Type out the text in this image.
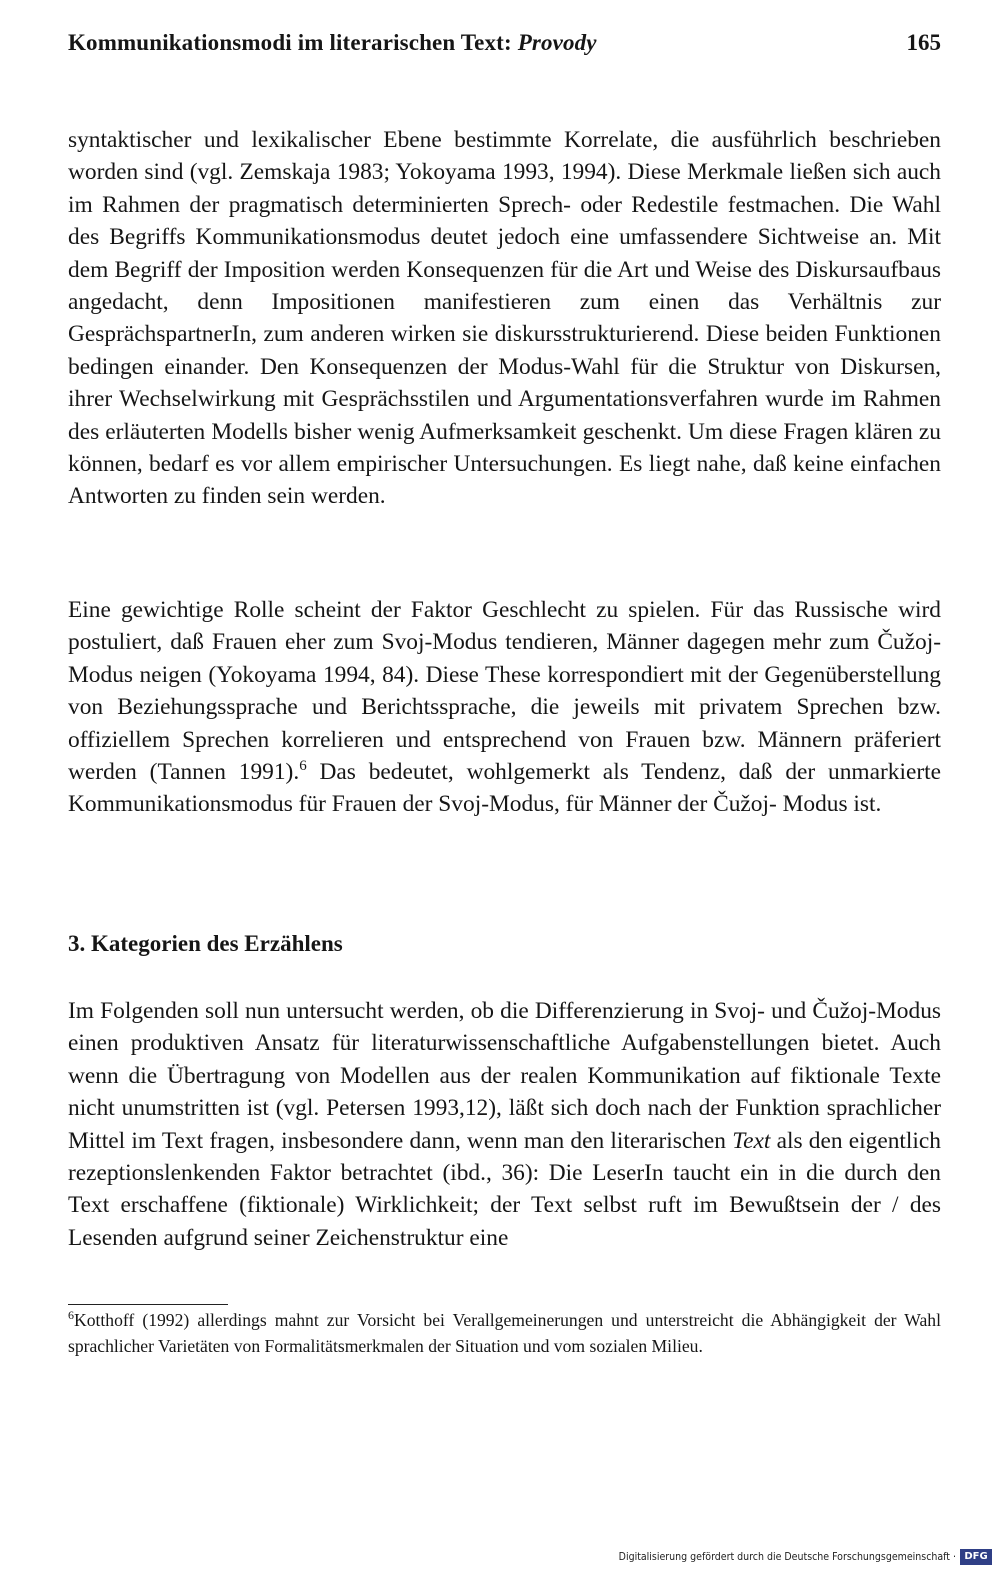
Kommunikationsmodi im literarischen Text: Provody	165

syntaktischer und lexikalischer Ebene bestimmte Korrelate, die ausführlich beschrieben worden sind (vgl. Zemskaja 1983; Yokoyama 1993, 1994). Diese Merkmale ließen sich auch im Rahmen der pragmatisch determinierten Sprech- oder Redestile festmachen. Die Wahl des Begriffs Kommunikationsmodus deutet jedoch eine umfassendere Sichtweise an. Mit dem Begriff der Imposition werden Konsequenzen für die Art und Weise des Diskursaufbaus angedacht, denn Impositionen manifestieren zum einen das Verhältnis zur GesprächspartnerIn, zum anderen wirken sie diskursstrukturierend. Diese beiden Funktionen bedingen einander. Den Konsequenzen der Modus-Wahl für die Struktur von Diskursen, ihrer Wechselwirkung mit Gesprächsstilen und Argumentationsverfahren wurde im Rahmen des erläuterten Modells bisher wenig Aufmerksamkeit geschenkt. Um diese Fragen klären zu können, bedarf es vor allem empirischer Untersuchungen. Es liegt nahe, daß keine einfachen Antworten zu finden sein werden.

Eine gewichtige Rolle scheint der Faktor Geschlecht zu spielen. Für das Russische wird postuliert, daß Frauen eher zum Svoj-Modus tendieren, Männer dagegen mehr zum Čužoj-Modus neigen (Yokoyama 1994, 84). Diese These korrespondiert mit der Gegenüberstellung von Beziehungssprache und Berichtssprache, die jeweils mit privatem Sprechen bzw. offiziellem Sprechen korrelieren und entsprechend von Frauen bzw. Männern präferiert werden (Tannen 1991).$^6$ Das bedeutet, wohlgemerkt als Tendenz, daß der unmarkierte Kommunikationsmodus für Frauen der Svoj-Modus, für Männer der Čužoj- Modus ist.

3. Kategorien des Erzählens

Im Folgenden soll nun untersucht werden, ob die Differenzierung in Svoj- und Čužoj-Modus einen produktiven Ansatz für literaturwissenschaftliche Aufgabenstellungen bietet. Auch wenn die Übertragung von Modellen aus der realen Kommunikation auf fiktionale Texte nicht unumstritten ist (vgl. Petersen 1993,12), läßt sich doch nach der Funktion sprachlicher Mittel im Text fragen, insbesondere dann, wenn man den literarischen Text als den eigentlich rezeptionslenkenden Faktor betrachtet (ibd., 36): Die LeserIn taucht ein in die durch den Text erschaffene (fiktionale) Wirklichkeit; der Text selbst ruft im Bewußtsein der / des Lesenden aufgrund seiner Zeichenstruktur eine

$^6$Kotthoff (1992) allerdings mahnt zur Vorsicht bei Verallgemeinerungen und unterstreicht die Abhängigkeit der Wahl sprachlicher Varietäten von Formalitätsmerkmalen der Situation und vom sozialen Milieu.

Digitalisierung gefördert durch die Deutsche Forschungsgemeinschaft · DFG
